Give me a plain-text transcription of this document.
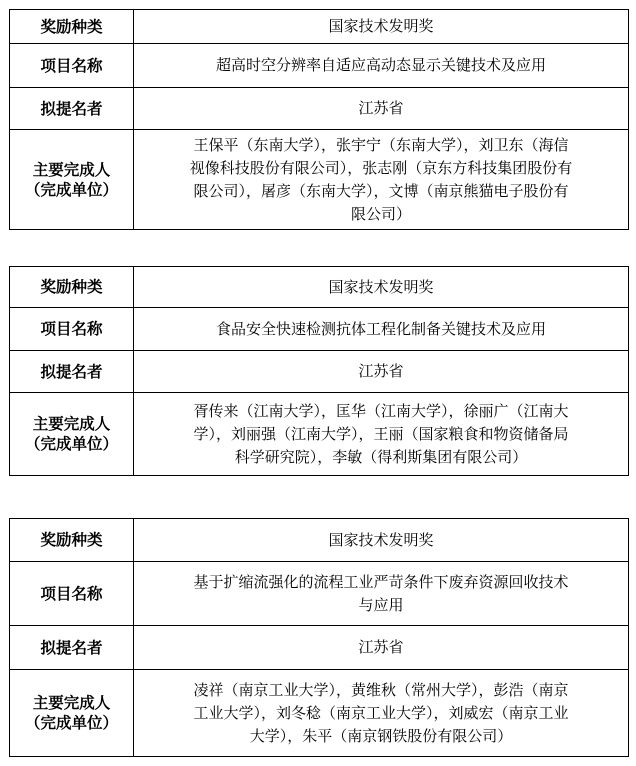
奖励种类	国家技术发明奖
项目名称	超高时空分辨率自适应高动态显示关键技术及应用
拟提名者	江苏省

主要完成人
（完成单位）	王保平（东南大学），张宇宁（东南大学），刘卫东（海信
视像科技股份有限公司），张志刚（京东方科技集团股份有
限公司），屠彦（东南大学），文博（南京熊猫电子股份有
限公司）
奖励种类	国家技术发明奖
项目名称	食品安全快速检测抗体工程化制备关键技术及应用
拟提名者	江苏省

主要完成人
（完成单位）	胥传来（江南大学），匡华（江南大学），徐丽广（江南大
学），刘丽强（江南大学），王丽（国家粮食和物资储备局
科学研究院），李敏（得利斯集团有限公司）
奖励种类	国家技术发明奖
项目名称	基于扩缩流强化的流程工业严苛条件下废弃资源回收技术
与应用

拟提名者	江苏省

主要完成人
（完成单位）	凌祥（南京工业大学），黄维秋（常州大学），彭浩（南京
工业大学），刘冬稔（南京工业大学），刘威宏（南京工业
大学），朱平（南京钢铁股份有限公司）
